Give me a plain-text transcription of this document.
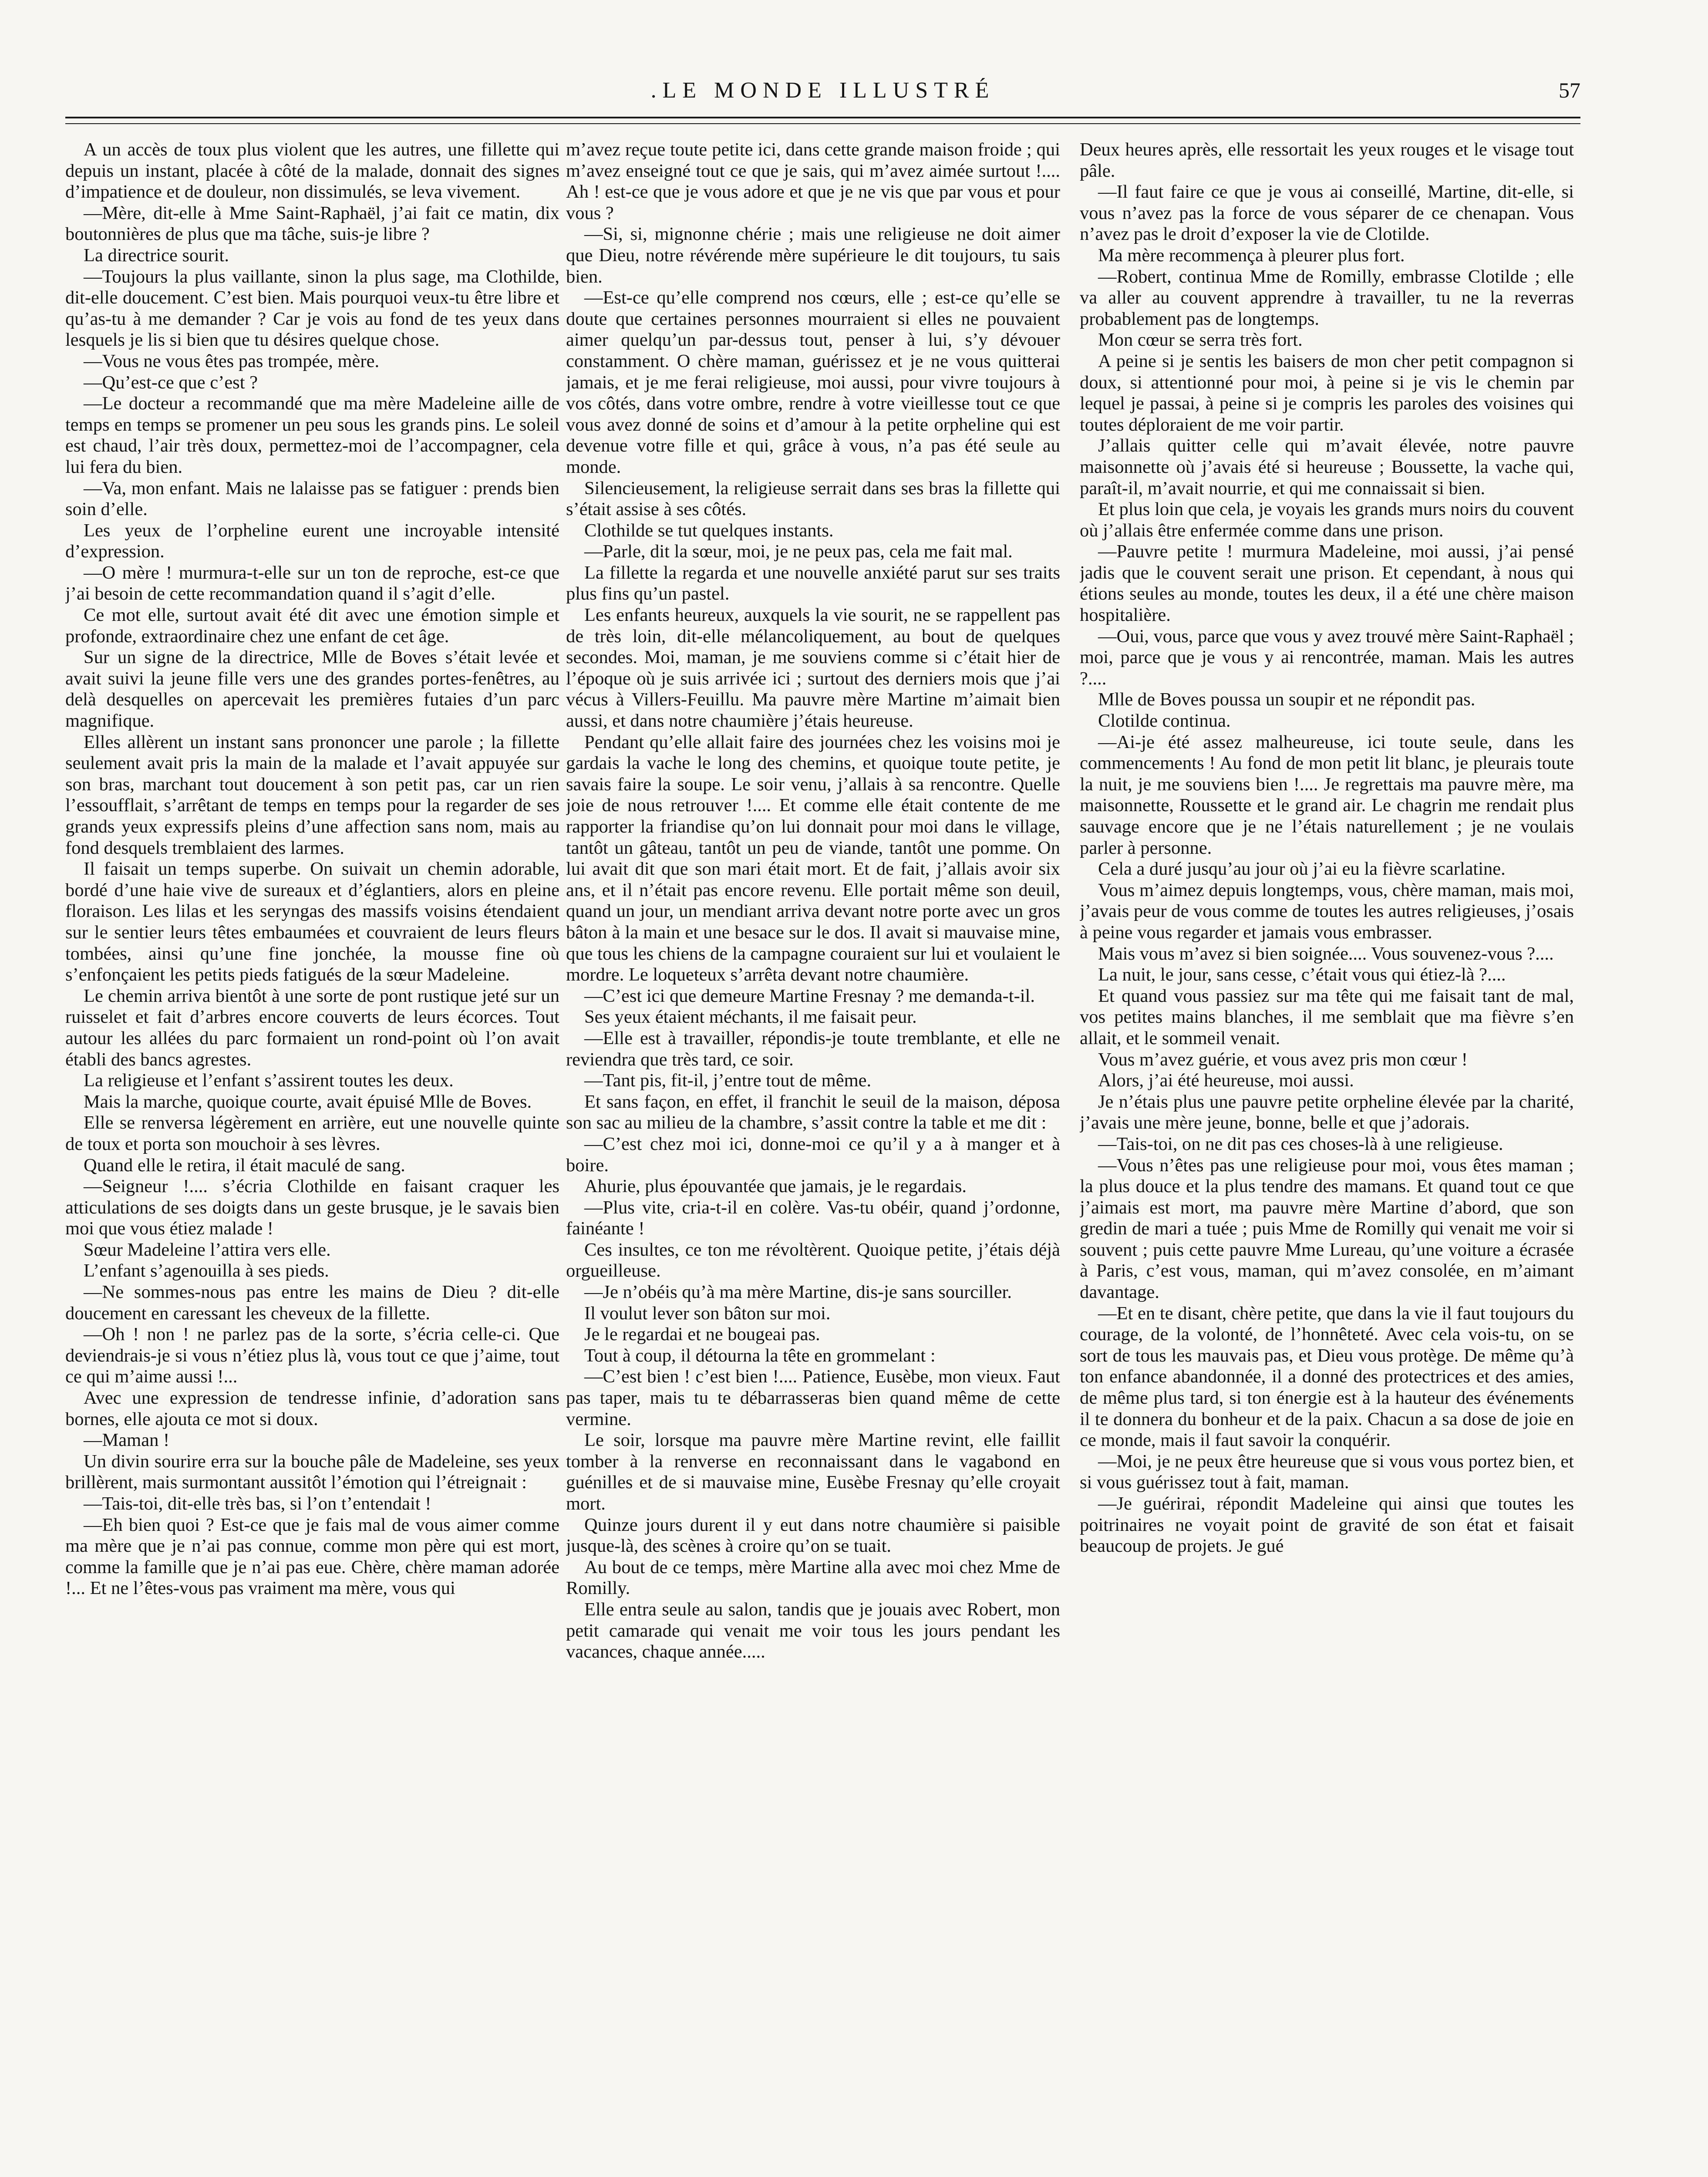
.LE MONDE ILLUSTRÉ	57

A un accès de toux plus violent que les autres, une fillette qui depuis un instant, placée à côté de la malade, donnait des signes d’impatience et de douleur, non dissimulés, se leva vivement.

—Mère, dit-elle à Mme Saint-Raphaël, j’ai fait ce matin, dix boutonnières de plus que ma tâche, suis-je libre ?

La directrice sourit.

—Toujours la plus vaillante, sinon la plus sage, ma Clothilde, dit-elle doucement. C’est bien. Mais pourquoi veux-tu être libre et qu’as-tu à me demander ? Car je vois au fond de tes yeux dans lesquels je lis si bien que tu désires quelque chose.

—Vous ne vous êtes pas trompée, mère.

—Qu’est-ce que c’est ?

—Le docteur a recommandé que ma mère Madeleine aille de temps en temps se promener un peu sous les grands pins. Le soleil est chaud, l’air très doux, permettez-moi de l’accompagner, cela lui fera du bien.

—Va, mon enfant. Mais ne lalaisse pas se fatiguer : prends bien soin d’elle.

Les yeux de l’orpheline eurent une incroyable intensité d’expression.

—O mère ! murmura-t-elle sur un ton de reproche, est-ce que j’ai besoin de cette recommandation quand il s’agit d’elle.

Ce mot elle, surtout avait été dit avec une émotion simple et profonde, extraordinaire chez une enfant de cet âge.

Sur un signe de la directrice, Mlle de Boves s’était levée et avait suivi la jeune fille vers une des grandes portes-fenêtres, au delà desquelles on apercevait les premières futaies d’un parc magnifique.

Elles allèrent un instant sans prononcer une parole ; la fillette seulement avait pris la main de la malade et l’avait appuyée sur son bras, marchant tout doucement à son petit pas, car un rien l’essoufflait, s’arrêtant de temps en temps pour la regarder de ses grands yeux expressifs pleins d’une affection sans nom, mais au fond desquels tremblaient des larmes.

Il faisait un temps superbe. On suivait un chemin adorable, bordé d’une haie vive de sureaux et d’églantiers, alors en pleine floraison. Les lilas et les seryngas des massifs voisins étendaient sur le sentier leurs têtes embaumées et couvraient de leurs fleurs tombées, ainsi qu’une fine jonchée, la mousse fine où s’enfonçaient les petits pieds fatigués de la sœur Madeleine.

Le chemin arriva bientôt à une sorte de pont rustique jeté sur un ruisselet et fait d’arbres encore couverts de leurs écorces. Tout autour les allées du parc formaient un rond-point où l’on avait établi des bancs agrestes.

La religieuse et l’enfant s’assirent toutes les deux.

Mais la marche, quoique courte, avait épuisé Mlle de Boves.

Elle se renversa légèrement en arrière, eut une nouvelle quinte de toux et porta son mouchoir à ses lèvres.

Quand elle le retira, il était maculé de sang.

—Seigneur !.... s’écria Clothilde en faisant craquer les atticulations de ses doigts dans un geste brusque, je le savais bien moi que vous étiez malade !

Sœur Madeleine l’attira vers elle.

L’enfant s’agenouilla à ses pieds.

—Ne sommes-nous pas entre les mains de Dieu ? dit-elle doucement en caressant les cheveux de la fillette.

—Oh ! non ! ne parlez pas de la sorte, s’écria celle-ci. Que deviendrais-je si vous n’étiez plus là, vous tout ce que j’aime, tout ce qui m’aime aussi !...

Avec une expression de tendresse infinie, d’adoration sans bornes, elle ajouta ce mot si doux.

—Maman !

Un divin sourire erra sur la bouche pâle de Madeleine, ses yeux brillèrent, mais surmontant aussitôt l’émotion qui l’étreignait :

—Tais-toi, dit-elle très bas, si l’on t’entendait !

—Eh bien quoi ? Est-ce que je fais mal de vous aimer comme ma mère que je n’ai pas connue, comme mon père qui est mort, comme la famille que je n’ai pas eue. Chère, chère maman adorée !... Et ne l’êtes-vous pas vraiment ma mère, vous qui

m’avez reçue toute petite ici, dans cette grande maison froide ; qui m’avez enseigné tout ce que je sais, qui m’avez aimée surtout !.... Ah ! est-ce que je vous adore et que je ne vis que par vous et pour vous ?

—Si, si, mignonne chérie ; mais une religieuse ne doit aimer que Dieu, notre révérende mère supérieure le dit toujours, tu sais bien.

—Est-ce qu’elle comprend nos cœurs, elle ; est-ce qu’elle se doute que certaines personnes mourraient si elles ne pouvaient aimer quelqu’un par-dessus tout, penser à lui, s’y dévouer constamment. O chère maman, guérissez et je ne vous quitterai jamais, et je me ferai religieuse, moi aussi, pour vivre toujours à vos côtés, dans votre ombre, rendre à votre vieillesse tout ce que vous avez donné de soins et d’amour à la petite orpheline qui est devenue votre fille et qui, grâce à vous, n’a pas été seule au monde.

Silencieusement, la religieuse serrait dans ses bras la fillette qui s’était assise à ses côtés.

Clothilde se tut quelques instants.

—Parle, dit la sœur, moi, je ne peux pas, cela me fait mal.

La fillette la regarda et une nouvelle anxiété parut sur ses traits plus fins qu’un pastel.

Les enfants heureux, auxquels la vie sourit, ne se rappellent pas de très loin, dit-elle mélancoliquement, au bout de quelques secondes. Moi, maman, je me souviens comme si c’était hier de l’époque où je suis arrivée ici ; surtout des derniers mois que j’ai vécus à Villers-Feuillu. Ma pauvre mère Martine m’aimait bien aussi, et dans notre chaumière j’étais heureuse.

Pendant qu’elle allait faire des journées chez les voisins moi je gardais la vache le long des chemins, et quoique toute petite, je savais faire la soupe. Le soir venu, j’allais à sa rencontre. Quelle joie de nous retrouver !.... Et comme elle était contente de me rapporter la friandise qu’on lui donnait pour moi dans le village, tantôt un gâteau, tantôt un peu de viande, tantôt une pomme. On lui avait dit que son mari était mort. Et de fait, j’allais avoir six ans, et il n’était pas encore revenu. Elle portait même son deuil, quand un jour, un mendiant arriva devant notre porte avec un gros bâton à la main et une besace sur le dos. Il avait si mauvaise mine, que tous les chiens de la campagne couraient sur lui et voulaient le mordre. Le loqueteux s’arrêta devant notre chaumière.

—C’est ici que demeure Martine Fresnay ? me demanda-t-il.

Ses yeux étaient méchants, il me faisait peur.

—Elle est à travailler, répondis-je toute tremblante, et elle ne reviendra que très tard, ce soir.

—Tant pis, fit-il, j’entre tout de même.

Et sans façon, en effet, il franchit le seuil de la maison, déposa son sac au milieu de la chambre, s’assit contre la table et me dit :

—C’est chez moi ici, donne-moi ce qu’il y a à manger et à boire.

Ahurie, plus épouvantée que jamais, je le regardais.

—Plus vite, cria-t-il en colère. Vas-tu obéir, quand j’ordonne, fainéante !

Ces insultes, ce ton me révoltèrent. Quoique petite, j’étais déjà orgueilleuse.

—Je n’obéis qu’à ma mère Martine, dis-je sans sourciller.

Il voulut lever son bâton sur moi.

Je le regardai et ne bougeai pas.

Tout à coup, il détourna la tête en grommelant :

—C’est bien ! c’est bien !.... Patience, Eusèbe, mon vieux. Faut pas taper, mais tu te débarrasseras bien quand même de cette vermine.

Le soir, lorsque ma pauvre mère Martine revint, elle faillit tomber à la renverse en reconnaissant dans le vagabond en guénilles et de si mauvaise mine, Eusèbe Fresnay qu’elle croyait mort.

Quinze jours durent il y eut dans notre chaumière si paisible jusque-là, des scènes à croire qu’on se tuait.

Au bout de ce temps, mère Martine alla avec moi chez Mme de Romilly.

Elle entra seule au salon, tandis que je jouais avec Robert, mon petit camarade qui venait me voir tous les jours pendant les vacances, chaque année.....

Deux heures après, elle ressortait les yeux rouges et le visage tout pâle.

—Il faut faire ce que je vous ai conseillé, Martine, dit-elle, si vous n’avez pas la force de vous séparer de ce chenapan. Vous n’avez pas le droit d’exposer la vie de Clotilde.

Ma mère recommença à pleurer plus fort.

—Robert, continua Mme de Romilly, embrasse Clotilde ; elle va aller au couvent apprendre à travailler, tu ne la reverras probablement pas de longtemps.

Mon cœur se serra très fort.

A peine si je sentis les baisers de mon cher petit compagnon si doux, si attentionné pour moi, à peine si je vis le chemin par lequel je passai, à peine si je compris les paroles des voisines qui toutes déploraient de me voir partir.

J’allais quitter celle qui m’avait élevée, notre pauvre maisonnette où j’avais été si heureuse ; Boussette, la vache qui, paraît-il, m’avait nourrie, et qui me connaissait si bien.

Et plus loin que cela, je voyais les grands murs noirs du couvent où j’allais être enfermée comme dans une prison.

—Pauvre petite ! murmura Madeleine, moi aussi, j’ai pensé jadis que le couvent serait une prison. Et cependant, à nous qui étions seules au monde, toutes les deux, il a été une chère maison hospitalière.

—Oui, vous, parce que vous y avez trouvé mère Saint-Raphaël ; moi, parce que je vous y ai rencontrée, maman. Mais les autres ?....

Mlle de Boves poussa un soupir et ne répondit pas.

Clotilde continua.

—Ai-je été assez malheureuse, ici toute seule, dans les commencements ! Au fond de mon petit lit blanc, je pleurais toute la nuit, je me souviens bien !.... Je regrettais ma pauvre mère, ma maisonnette, Roussette et le grand air. Le chagrin me rendait plus sauvage encore que je ne l’étais naturellement ; je ne voulais parler à personne.

Cela a duré jusqu’au jour où j’ai eu la fièvre scarlatine.

Vous m’aimez depuis longtemps, vous, chère maman, mais moi, j’avais peur de vous comme de toutes les autres religieuses, j’osais à peine vous regarder et jamais vous embrasser.

Mais vous m’avez si bien soignée.... Vous souvenez-vous ?....

La nuit, le jour, sans cesse, c’était vous qui étiez-là ?....

Et quand vous passiez sur ma tête qui me faisait tant de mal, vos petites mains blanches, il me semblait que ma fièvre s’en allait, et le sommeil venait.

Vous m’avez guérie, et vous avez pris mon cœur !

Alors, j’ai été heureuse, moi aussi.

Je n’étais plus une pauvre petite orpheline élevée par la charité, j’avais une mère jeune, bonne, belle et que j’adorais.

—Tais-toi, on ne dit pas ces choses-là à une religieuse.

—Vous n’êtes pas une religieuse pour moi, vous êtes maman ; la plus douce et la plus tendre des mamans. Et quand tout ce que j’aimais est mort, ma pauvre mère Martine d’abord, que son gredin de mari a tuée ; puis Mme de Romilly qui venait me voir si souvent ; puis cette pauvre Mme Lureau, qu’une voiture a écrasée à Paris, c’est vous, maman, qui m’avez consolée, en m’aimant davantage.

—Et en te disant, chère petite, que dans la vie il faut toujours du courage, de la volonté, de l’honnêteté. Avec cela vois-tu, on se sort de tous les mauvais pas, et Dieu vous protège. De même qu’à ton enfance abandonnée, il a donné des protectrices et des amies, de même plus tard, si ton énergie est à la hauteur des événements il te donnera du bonheur et de la paix. Chacun a sa dose de joie en ce monde, mais il faut savoir la conquérir.

—Moi, je ne peux être heureuse que si vous vous portez bien, et si vous guérissez tout à fait, maman.

—Je guérirai, répondit Madeleine qui ainsi que toutes les poitrinaires ne voyait point de gravité de son état et faisait beaucoup de projets. Je gué
